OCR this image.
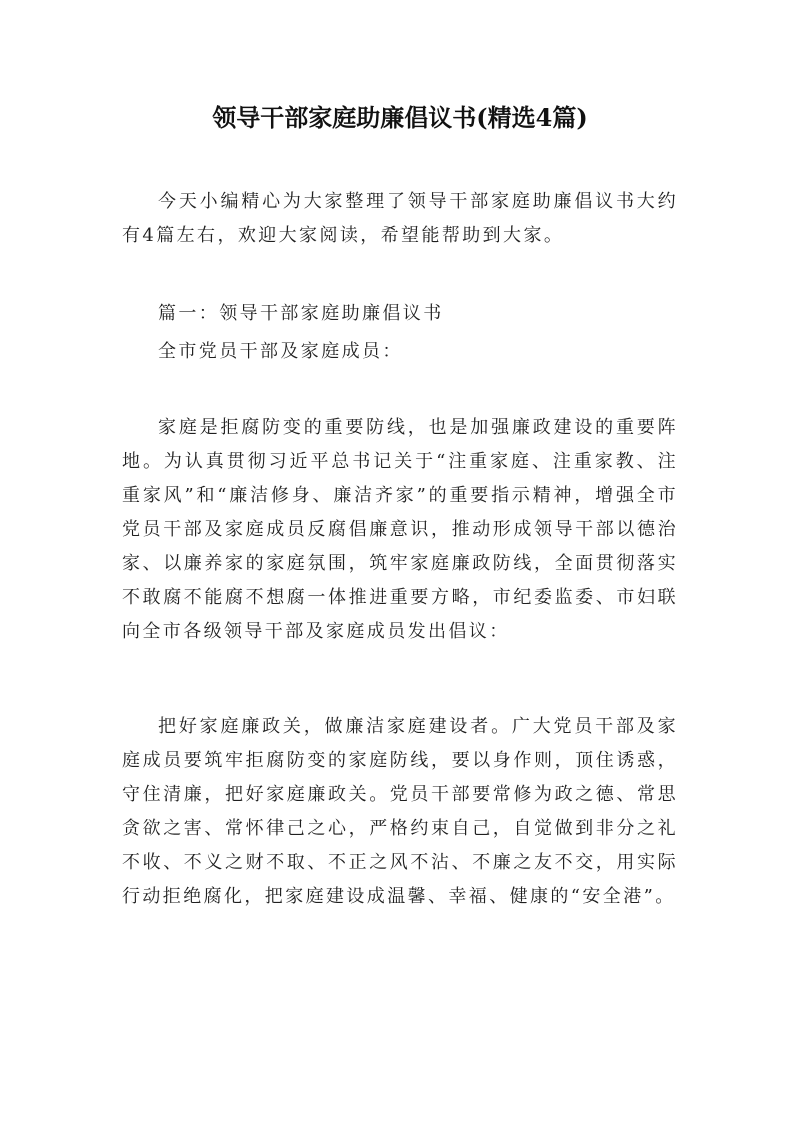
领导干部家庭助廉倡议书(精选4篇)

今天小编精心为大家整理了领导干部家庭助廉倡议书大约有4篇左右，欢迎大家阅读，希望能帮助到大家。

篇一：领导干部家庭助廉倡议书

全市党员干部及家庭成员：

家庭是拒腐防变的重要防线，也是加强廉政建设的重要阵地。为认真贯彻习近平总书记关于“注重家庭、注重家教、注重家风”和“廉洁修身、廉洁齐家”的重要指示精神，增强全市党员干部及家庭成员反腐倡廉意识，推动形成领导干部以德治家、以廉养家的家庭氛围，筑牢家庭廉政防线，全面贯彻落实不敢腐不能腐不想腐一体推进重要方略，市纪委监委、市妇联向全市各级领导干部及家庭成员发出倡议：

把好家庭廉政关，做廉洁家庭建设者。广大党员干部及家庭成员要筑牢拒腐防变的家庭防线，要以身作则，顶住诱惑，守住清廉，把好家庭廉政关。党员干部要常修为政之德、常思贪欲之害、常怀律己之心，严格约束自己，自觉做到非分之礼不收、不义之财不取、不正之风不沾、不廉之友不交，用实际行动拒绝腐化，把家庭建设成温馨、幸福、健康的“安全港”。
